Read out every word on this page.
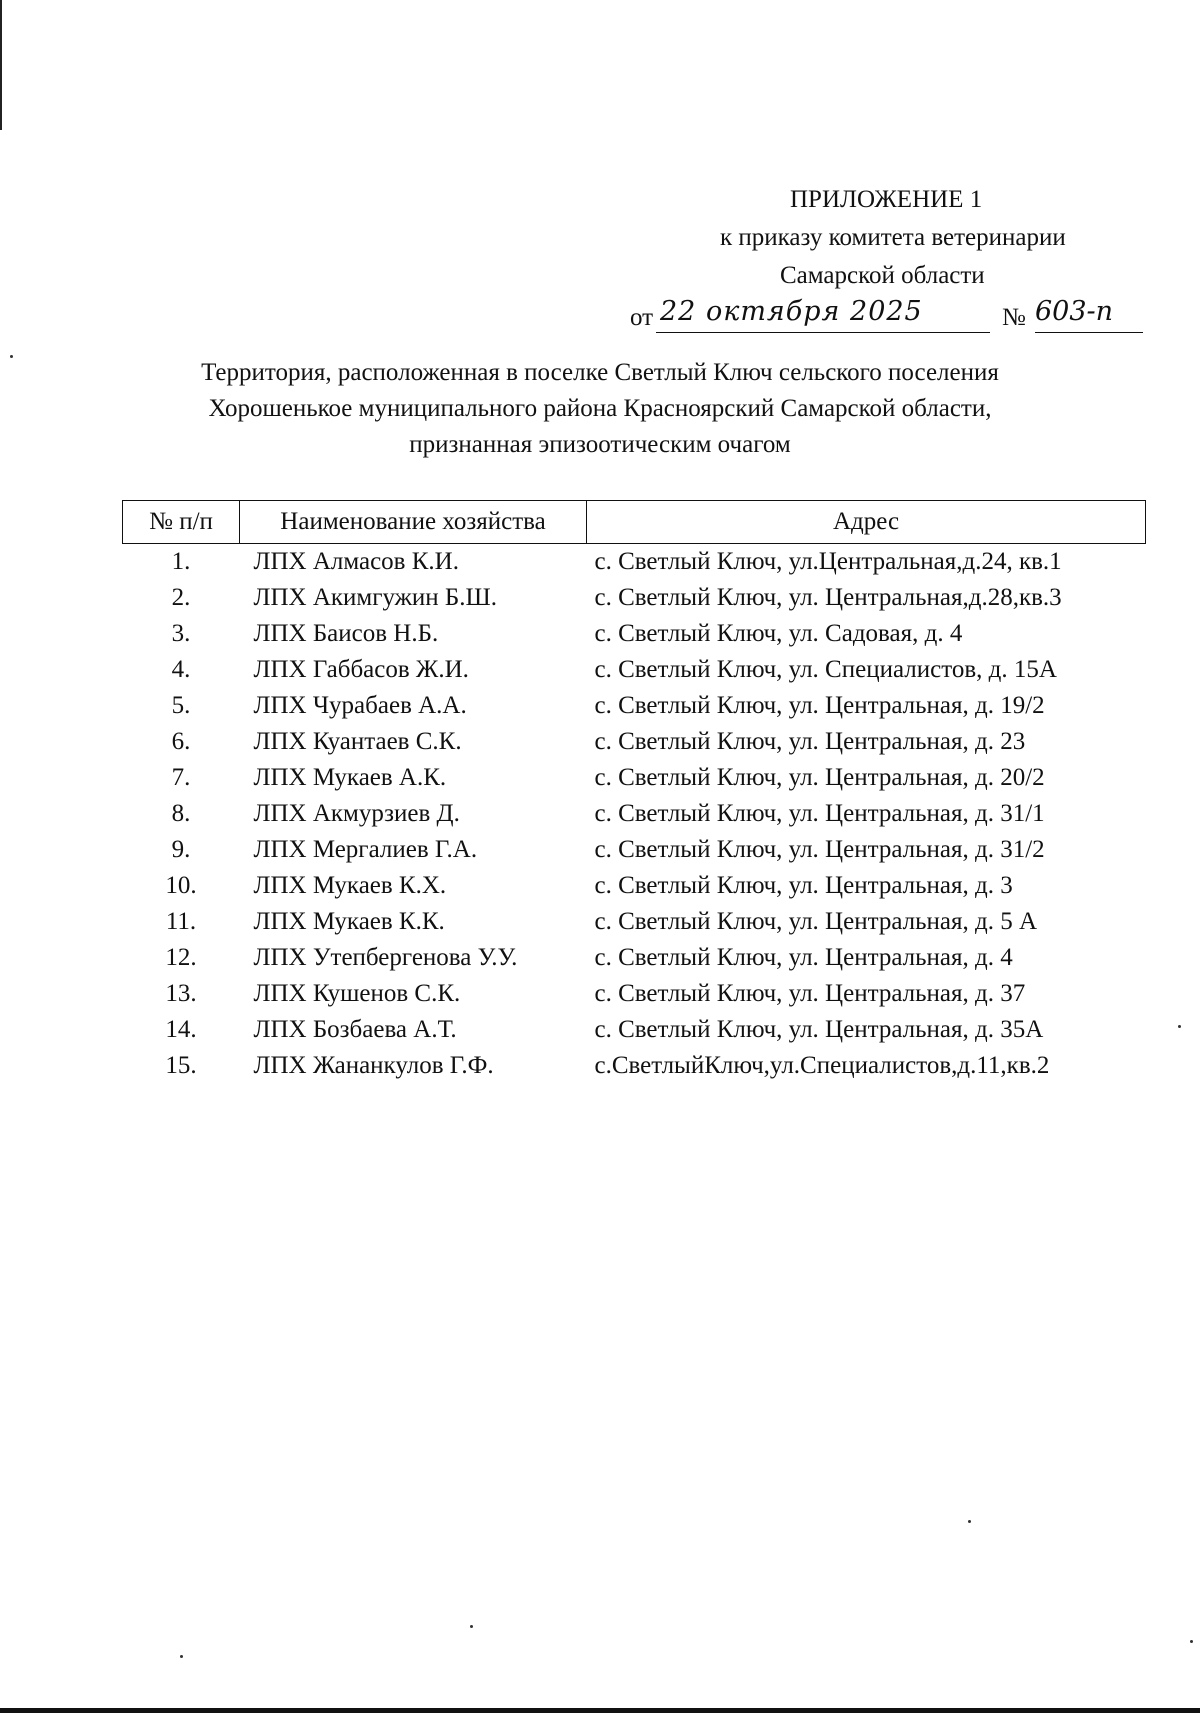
ПРИЛОЖЕНИЕ 1
к приказу комитета ветеринарии
Самарской области
от 22 октября 2025	№ 603-п
Территория, расположенная в поселке Светлый Ключ сельского поселения
Хорошенькое муниципального района Красноярский Самарской области,
признанная эпизоотическим очагом
№ п/п	Наименование хозяйства	Адрес
1.	ЛПХ Алмасов К.И.	с. Светлый Ключ, ул.Центральная,д.24, кв.1
2.	ЛПХ Акимгужин Б.Ш.	с. Светлый Ключ, ул. Центральная,д.28,кв.3
3.	ЛПХ Баисов Н.Б.	с. Светлый Ключ, ул. Садовая, д. 4
4.	ЛПХ Габбасов Ж.И.	с. Светлый Ключ, ул. Специалистов, д. 15А
5.	ЛПХ Чурабаев А.А.	с. Светлый Ключ, ул. Центральная, д. 19/2
6.	ЛПХ Куантаев С.К.	с. Светлый Ключ, ул. Центральная, д. 23
7.	ЛПХ Мукаев А.К.	с. Светлый Ключ, ул. Центральная, д. 20/2
8.	ЛПХ Акмурзиев Д.	с. Светлый Ключ, ул. Центральная, д. 31/1
9.	ЛПХ Мергалиев Г.А.	с. Светлый Ключ, ул. Центральная, д. 31/2
10.	ЛПХ Мукаев К.Х.	с. Светлый Ключ, ул. Центральная, д. 3
11.	ЛПХ Мукаев К.К.	с. Светлый Ключ, ул. Центральная, д. 5 А
12.	ЛПХ Утепбергенова У.У.	с. Светлый Ключ, ул. Центральная, д. 4
13.	ЛПХ Кушенов С.К.	с. Светлый Ключ, ул. Центральная, д. 37
14.	ЛПХ Бозбаева А.Т.	с. Светлый Ключ, ул. Центральная, д. 35А
15.	ЛПХ Жананкулов Г.Ф.	с.СветлыйКлюч,ул.Специалистов,д.11,кв.2
